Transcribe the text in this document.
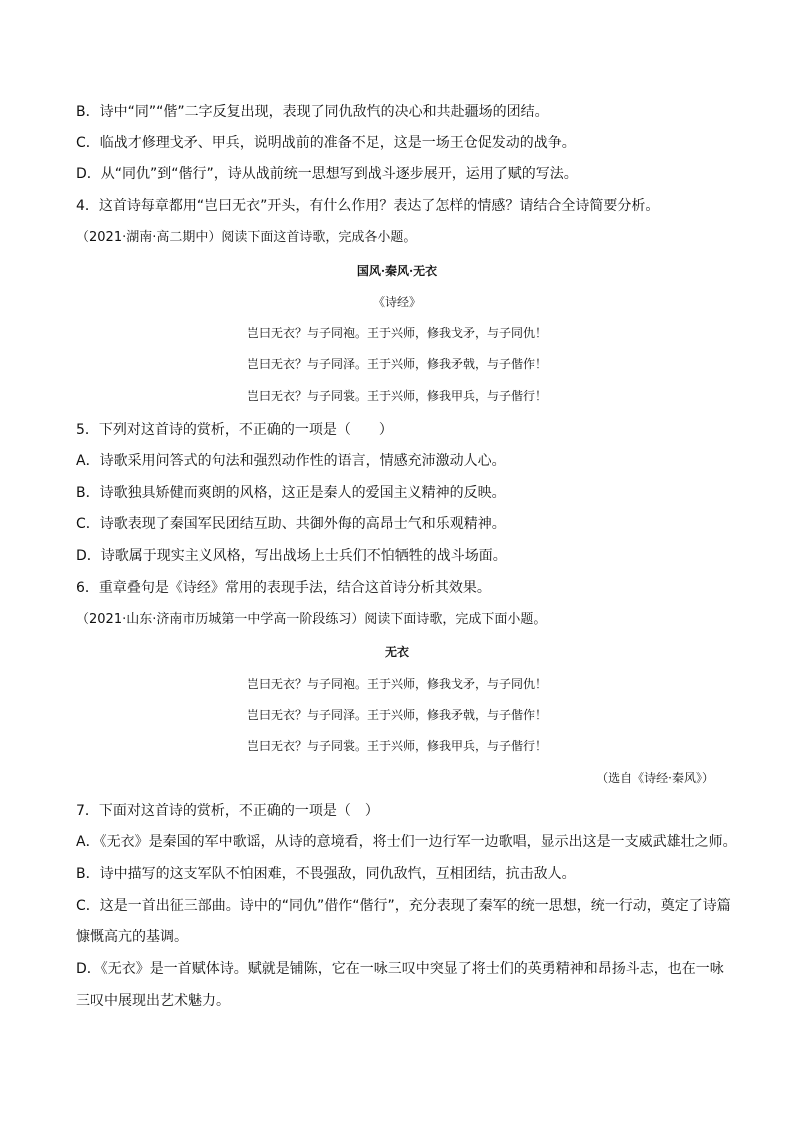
B．诗中“同”“偕”二字反复出现，表现了同仇敌忾的决心和共赴疆场的团结。
C．临战才修理戈矛、甲兵，说明战前的准备不足，这是一场王仓促发动的战争。
D．从“同仇”到“偕行”，诗从战前统一思想写到战斗逐步展开，运用了赋的写法。
4．这首诗每章都用“岂曰无衣”开头，有什么作用？表达了怎样的情感？请结合全诗简要分析。
（2021·湖南·高二期中）阅读下面这首诗歌，完成各小题。
国风·秦风·无衣
《诗经》
岂曰无衣？与子同袍。王于兴师，修我戈矛，与子同仇！
岂曰无衣？与子同泽。王于兴师，修我矛戟，与子偕作！
岂曰无衣？与子同裳。王于兴师，修我甲兵，与子偕行！
5．下列对这首诗的赏析，不正确的一项是（　　）
A．诗歌采用问答式的句法和强烈动作性的语言，情感充沛激动人心。
B．诗歌独具矫健而爽朗的风格，这正是秦人的爱国主义精神的反映。
C．诗歌表现了秦国军民团结互助、共御外侮的高昂士气和乐观精神。
D．诗歌属于现实主义风格，写出战场上士兵们不怕牺牲的战斗场面。
6．重章叠句是《诗经》常用的表现手法，结合这首诗分析其效果。
（2021·山东·济南市历城第一中学高一阶段练习）阅读下面诗歌，完成下面小题。
无衣
岂曰无衣？与子同袍。王于兴师，修我戈矛，与子同仇！
岂曰无衣？与子同泽。王于兴师，修我矛戟，与子偕作！
岂曰无衣？与子同裳。王于兴师，修我甲兵，与子偕行！
（选自《诗经·秦风》）
7．下面对这首诗的赏析，不正确的一项是（　）
A．《无衣》是秦国的军中歌谣，从诗的意境看，将士们一边行军一边歌唱，显示出这是一支威武雄壮之师。
B．诗中描写的这支军队不怕困难，不畏强敌，同仇敌忾，互相团结，抗击敌人。
C．这是一首出征三部曲。诗中的“同仇”借作“偕行”，充分表现了秦军的统一思想，统一行动，奠定了诗篇
慷慨高亢的基调。
D．《无衣》是一首赋体诗。赋就是铺陈，它在一咏三叹中突显了将士们的英勇精神和昂扬斗志，也在一咏
三叹中展现出艺术魅力。
